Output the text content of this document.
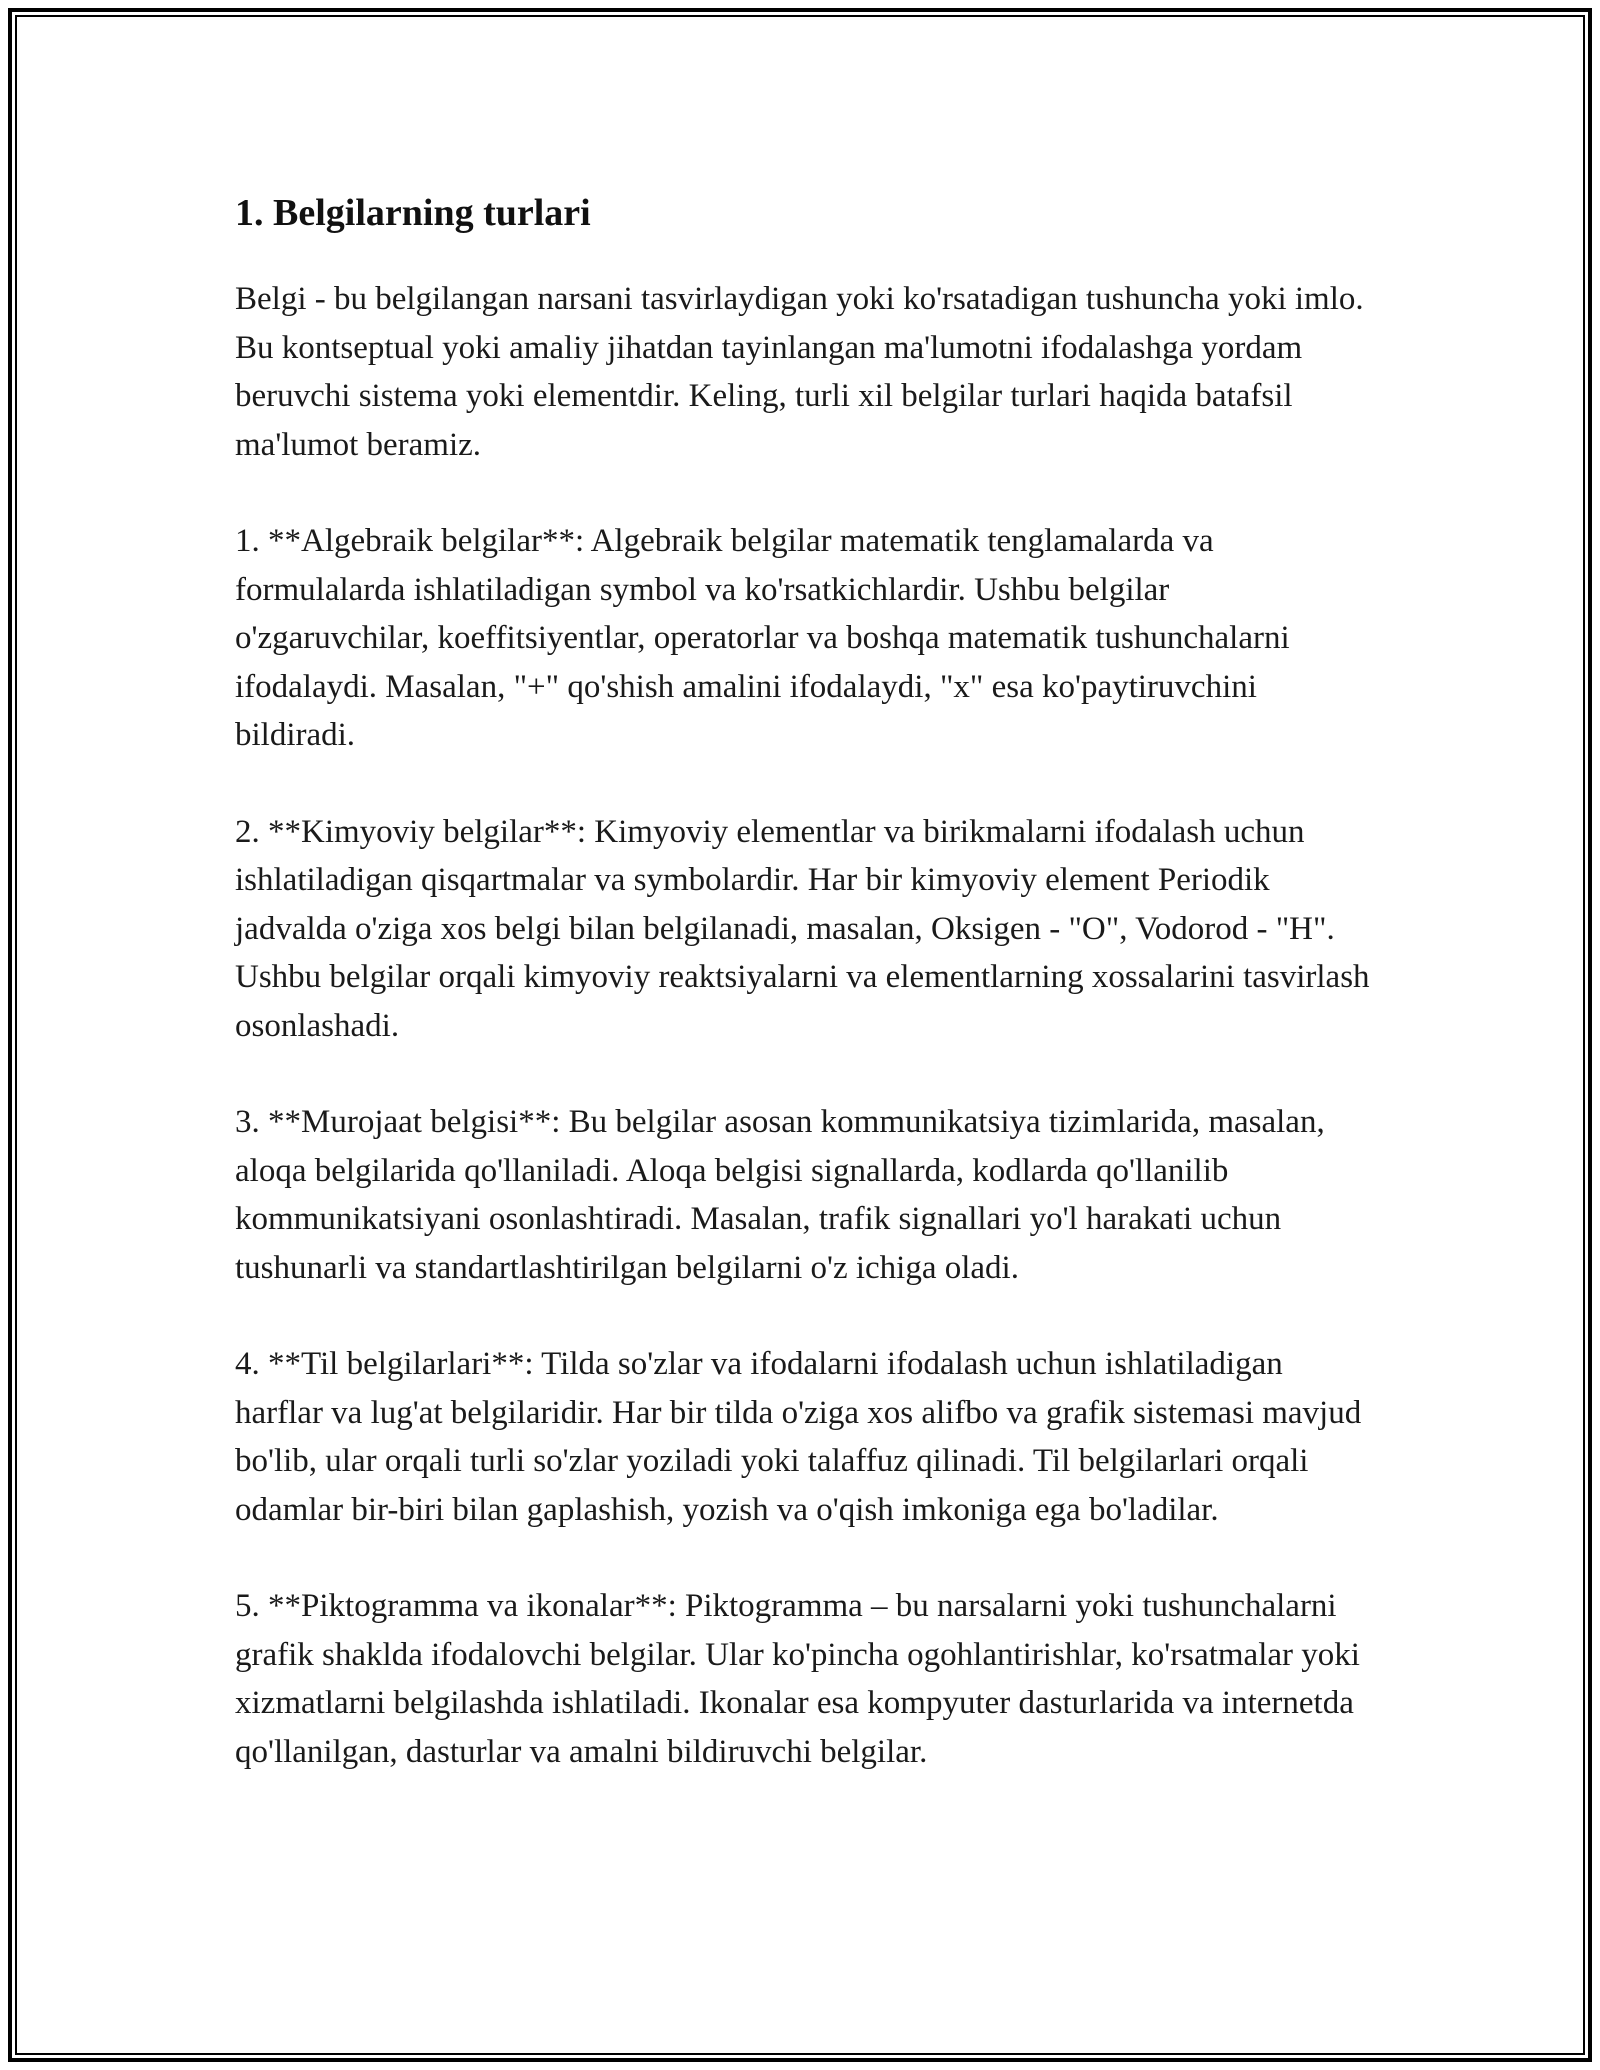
1. Belgilarning turlari

Belgi - bu belgilangan narsani tasvirlaydigan yoki ko'rsatadigan tushuncha yoki imlo. Bu kontseptual yoki amaliy jihatdan tayinlangan ma'lumotni ifodalashga yordam beruvchi sistema yoki elementdir. Keling, turli xil belgilar turlari haqida batafsil ma'lumot beramiz.

1. **Algebraik belgilar**: Algebraik belgilar matematik tenglamalarda va formulalarda ishlatiladigan symbol va ko'rsatkichlardir. Ushbu belgilar o'zgaruvchilar, koeffitsiyentlar, operatorlar va boshqa matematik tushunchalarni ifodalaydi. Masalan, "+" qo'shish amalini ifodalaydi, "x" esa ko'paytiruvchini bildiradi.

2. **Kimyoviy belgilar**: Kimyoviy elementlar va birikmalarni ifodalash uchun ishlatiladigan qisqartmalar va symbolardir. Har bir kimyoviy element Periodik jadvalda o'ziga xos belgi bilan belgilanadi, masalan, Oksigen - "O", Vodorod - "H". Ushbu belgilar orqali kimyoviy reaktsiyalarni va elementlarning xossalarini tasvirlash osonlashadi.

3. **Murojaat belgisi**: Bu belgilar asosan kommunikatsiya tizimlarida, masalan, aloqa belgilarida qo'llaniladi. Aloqa belgisi signallarda, kodlarda qo'llanilib kommunikatsiyani osonlashtiradi. Masalan, trafik signallari yo'l harakati uchun tushunarli va standartlashtirilgan belgilarni o'z ichiga oladi.

4. **Til belgilarlari**: Tilda so'zlar va ifodalarni ifodalash uchun ishlatiladigan harflar va lug'at belgilaridir. Har bir tilda o'ziga xos alifbo va grafik sistemasi mavjud bo'lib, ular orqali turli so'zlar yoziladi yoki talaffuz qilinadi. Til belgilarlari orqali odamlar bir-biri bilan gaplashish, yozish va o'qish imkoniga ega bo'ladilar.

5. **Piktogramma va ikonalar**: Piktogramma – bu narsalarni yoki tushunchalarni grafik shaklda ifodalovchi belgilar. Ular ko'pincha ogohlantirishlar, ko'rsatmalar yoki xizmatlarni belgilashda ishlatiladi. Ikonalar esa kompyuter dasturlarida va internetda qo'llanilgan, dasturlar va amalni bildiruvchi belgilar.
